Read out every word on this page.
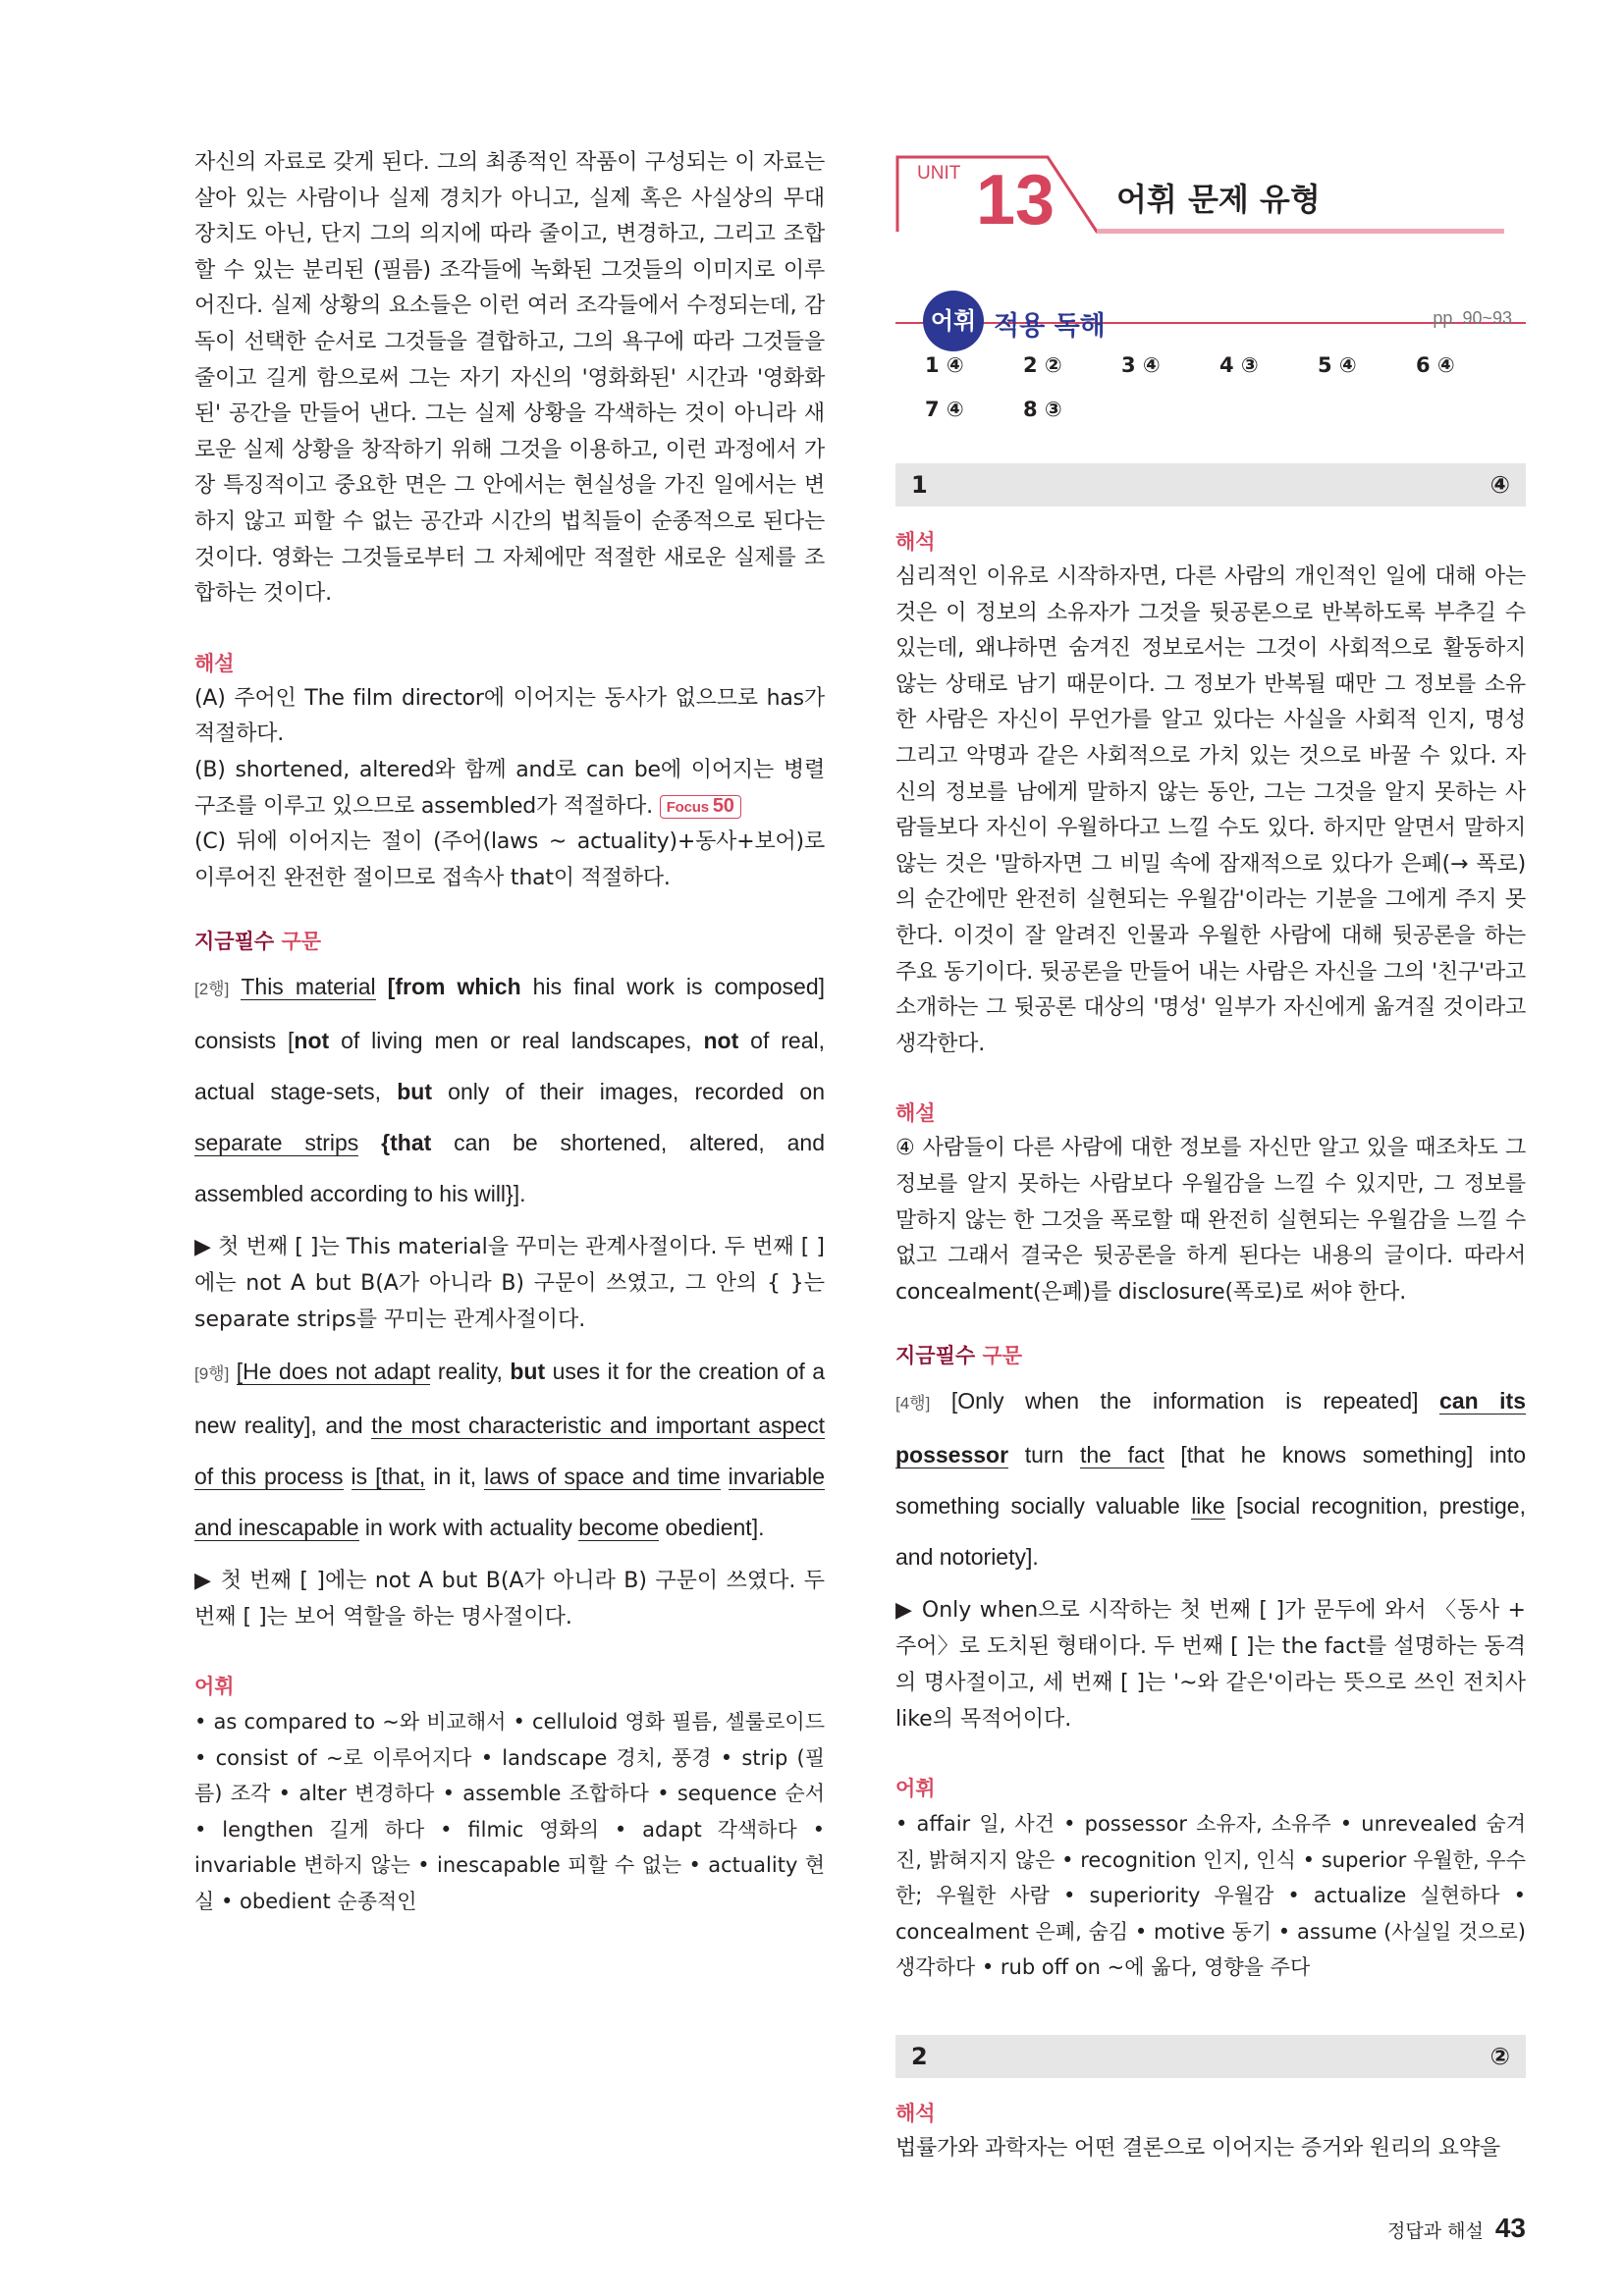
자신의 자료로 갖게 된다. 그의 최종적인 작품이 구성되는 이 자료는 살아 있는 사람이나 실제 경치가 아니고, 실제 혹은 사실상의 무대 장치도 아닌, 단지 그의 의지에 따라 줄이고, 변경하고, 그리고 조합할 수 있는 분리된 (필름) 조각들에 녹화된 그것들의 이미지로 이루어진다. 실제 상황의 요소들은 이런 여러 조각들에서 수정되는데, 감독이 선택한 순서로 그것들을 결합하고, 그의 욕구에 따라 그것들을 줄이고 길게 함으로써 그는 자기 자신의 '영화화된' 시간과 '영화화된' 공간을 만들어 낸다. 그는 실제 상황을 각색하는 것이 아니라 새로운 실제 상황을 창작하기 위해 그것을 이용하고, 이런 과정에서 가장 특징적이고 중요한 면은 그 안에서는 현실성을 가진 일에서는 변하지 않고 피할 수 없는 공간과 시간의 법칙들이 순종적으로 된다는 것이다. 영화는 그것들로부터 그 자체에만 적절한 새로운 실제를 조합하는 것이다.

해설

(A) 주어인 The film director에 이어지는 동사가 없으므로 has가 적절하다.

(B) shortened, altered와 함께 and로 can be에 이어지는 병렬 구조를 이루고 있으므로 assembled가 적절하다. Focus 50

(C) 뒤에 이어지는 절이 (주어(laws ~ actuality)+동사+보어)로 이루어진 완전한 절이므로 접속사 that이 적절하다.

지금필수 구문

[2행] This material [from which his final work is composed] consists [not of living men or real landscapes, not of real, actual stage-sets, but only of their images, recorded on separate strips {that can be shortened, altered, and assembled according to his will}].

▶ 첫 번째 [ ]는 This material을 꾸미는 관계사절이다. 두 번째 [ ]에는 not A but B(A가 아니라 B) 구문이 쓰였고, 그 안의 { }는 separate strips를 꾸미는 관계사절이다.

[9행] [He does not adapt reality, but uses it for the creation of a new reality], and the most characteristic and important aspect of this process is [that, in it, laws of space and time invariable and inescapable in work with actuality become obedient].

▶ 첫 번째 [ ]에는 not A but B(A가 아니라 B) 구문이 쓰였다. 두 번째 [ ]는 보어 역할을 하는 명사절이다.

어휘

• as compared to ~와 비교해서 • celluloid 영화 필름, 셀룰로이드 • consist of ~로 이루어지다 • landscape 경치, 풍경 • strip (필름) 조각 • alter 변경하다 • assemble 조합하다 • sequence 순서 • lengthen 길게 하다 • filmic 영화의 • adapt 각색하다 • invariable 변하지 않는 • inescapable 피할 수 없는 • actuality 현실 • obedient 순종적인

UNIT 13 어휘 문제 유형
어휘 적용 독해	pp. 90~93
1 ④	2 ②	3 ④	4 ③	5 ④	6 ④
7 ④	8 ③
1	④
해석

심리적인 이유로 시작하자면, 다른 사람의 개인적인 일에 대해 아는 것은 이 정보의 소유자가 그것을 뒷공론으로 반복하도록 부추길 수 있는데, 왜냐하면 숨겨진 정보로서는 그것이 사회적으로 활동하지 않는 상태로 남기 때문이다. 그 정보가 반복될 때만 그 정보를 소유한 사람은 자신이 무언가를 알고 있다는 사실을 사회적 인지, 명성 그리고 악명과 같은 사회적으로 가치 있는 것으로 바꿀 수 있다. 자신의 정보를 남에게 말하지 않는 동안, 그는 그것을 알지 못하는 사람들보다 자신이 우월하다고 느낄 수도 있다. 하지만 알면서 말하지 않는 것은 '말하자면 그 비밀 속에 잠재적으로 있다가 은폐(→ 폭로)의 순간에만 완전히 실현되는 우월감'이라는 기분을 그에게 주지 못한다. 이것이 잘 알려진 인물과 우월한 사람에 대해 뒷공론을 하는 주요 동기이다. 뒷공론을 만들어 내는 사람은 자신을 그의 '친구'라고 소개하는 그 뒷공론 대상의 '명성' 일부가 자신에게 옮겨질 것이라고 생각한다.

해설

④ 사람들이 다른 사람에 대한 정보를 자신만 알고 있을 때조차도 그 정보를 알지 못하는 사람보다 우월감을 느낄 수 있지만, 그 정보를 말하지 않는 한 그것을 폭로할 때 완전히 실현되는 우월감을 느낄 수 없고 그래서 결국은 뒷공론을 하게 된다는 내용의 글이다. 따라서 concealment(은폐)를 disclosure(폭로)로 써야 한다.

지금필수 구문

[4행] [Only when the information is repeated] can its possessor turn the fact [that he knows something] into something socially valuable like [social recognition, prestige, and notoriety].

▶ Only when으로 시작하는 첫 번째 [ ]가 문두에 와서 〈동사 + 주어〉로 도치된 형태이다. 두 번째 [ ]는 the fact를 설명하는 동격의 명사절이고, 세 번째 [ ]는 '~와 같은'이라는 뜻으로 쓰인 전치사 like의 목적어이다.

어휘

• affair 일, 사건 • possessor 소유자, 소유주 • unrevealed 숨겨진, 밝혀지지 않은 • recognition 인지, 인식 • superior 우월한, 우수한; 우월한 사람 • superiority 우월감 • actualize 실현하다 • concealment 은폐, 숨김 • motive 동기 • assume (사실일 것으로) 생각하다 • rub off on ~에 옮다, 영향을 주다

2	②
해석

법률가와 과학자는 어떤 결론으로 이어지는 증거와 원리의 요약을

정답과 해설 43
